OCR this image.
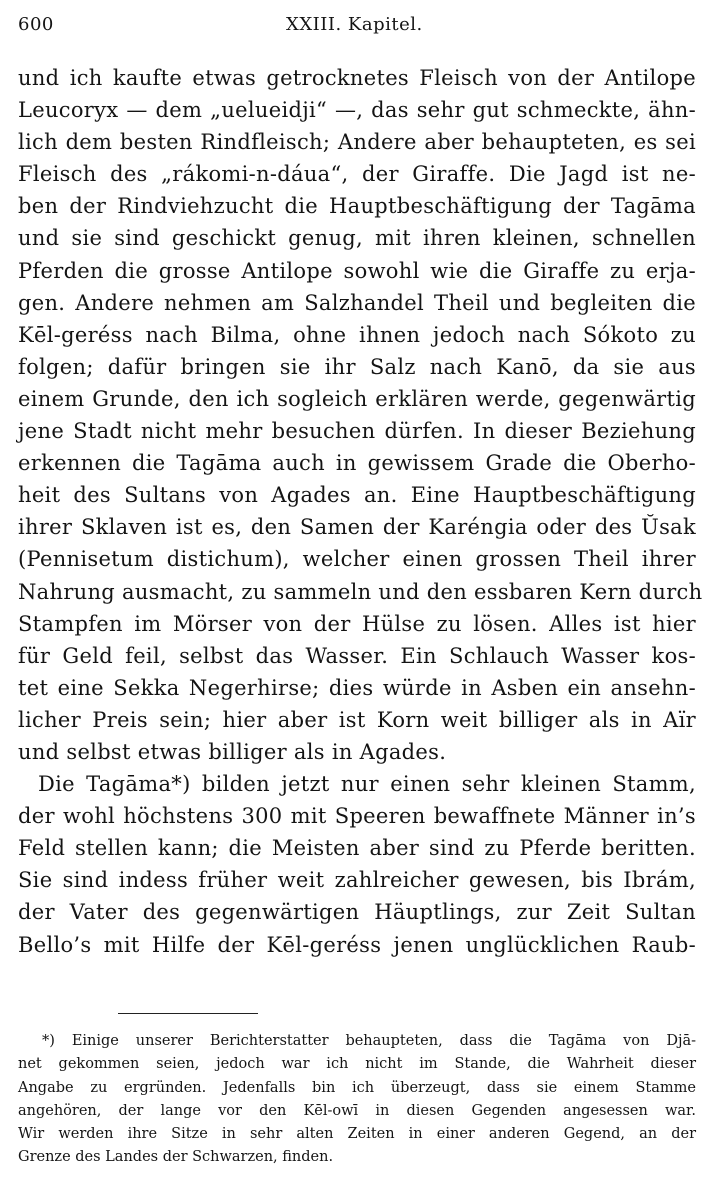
600	XXIII. Kapitel.
und ich kaufte etwas getrocknetes Fleisch von der Antilope
Leucoryx — dem „uelueidji“ —, das sehr gut schmeckte, ähn-
lich dem besten Rindfleisch; Andere aber behaupteten, es sei
Fleisch des „rákomi-n-dáua“, der Giraffe. Die Jagd ist ne-
ben der Rindviehzucht die Hauptbeschäftigung der Tagāma
und sie sind geschickt genug, mit ihren kleinen, schnellen
Pferden die grosse Antilope sowohl wie die Giraffe zu erja-
gen. Andere nehmen am Salzhandel Theil und begleiten die
Kēl-geréss nach Bilma, ohne ihnen jedoch nach Sókoto zu
folgen; dafür bringen sie ihr Salz nach Kanō, da sie aus
einem Grunde, den ich sogleich erklären werde, gegenwärtig
jene Stadt nicht mehr besuchen dürfen. In dieser Beziehung
erkennen die Tagāma auch in gewissem Grade die Oberho-
heit des Sultans von Agades an. Eine Hauptbeschäftigung
ihrer Sklaven ist es, den Samen der Karéngia oder des Ŭsak
(Pennisetum distichum), welcher einen grossen Theil ihrer
Nahrung ausmacht, zu sammeln und den essbaren Kern durch
Stampfen im Mörser von der Hülse zu lösen. Alles ist hier
für Geld feil, selbst das Wasser. Ein Schlauch Wasser kos-
tet eine Sekka Negerhirse; dies würde in Asben ein ansehn-
licher Preis sein; hier aber ist Korn weit billiger als in Aïr
und selbst etwas billiger als in Agades.
Die Tagāma*) bilden jetzt nur einen sehr kleinen Stamm,
der wohl höchstens 300 mit Speeren bewaffnete Männer in’s
Feld stellen kann; die Meisten aber sind zu Pferde beritten.
Sie sind indess früher weit zahlreicher gewesen, bis Ibrám,
der Vater des gegenwärtigen Häuptlings, zur Zeit Sultan
Bello’s mit Hilfe der Kēl-geréss jenen unglücklichen Raub-
*) Einige unserer Berichterstatter behaupteten, dass die Tagāma von Djā-
net gekommen seien, jedoch war ich nicht im Stande, die Wahrheit dieser
Angabe zu ergründen. Jedenfalls bin ich überzeugt, dass sie einem Stamme
angehören, der lange vor den Kēl-owī in diesen Gegenden angesessen war.
Wir werden ihre Sitze in sehr alten Zeiten in einer anderen Gegend, an der
Grenze des Landes der Schwarzen, finden.
